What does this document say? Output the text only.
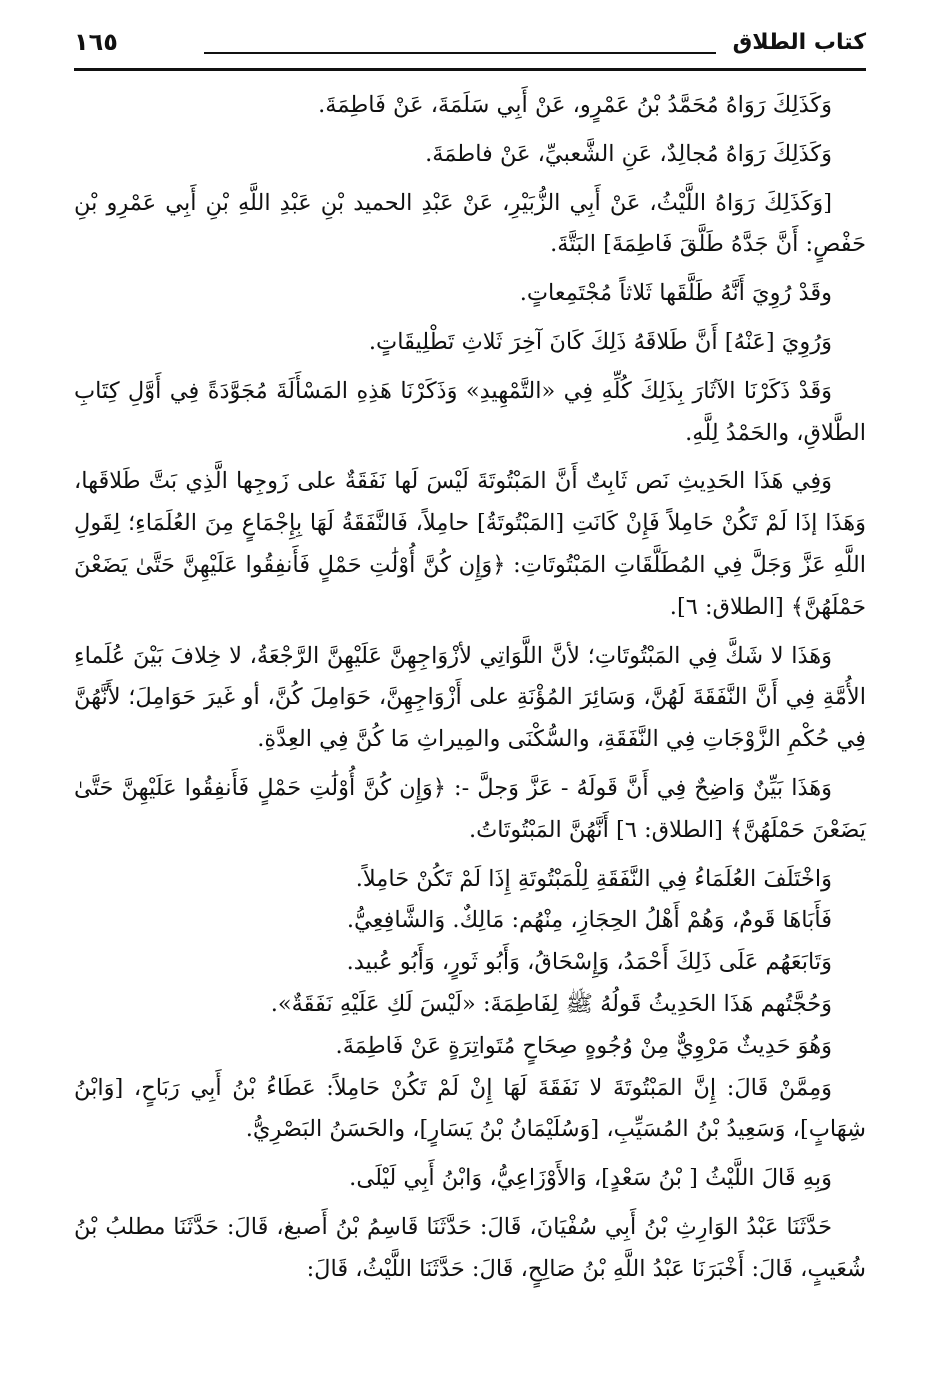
كتاب الطلاق
١٦٥

وَكَذَلِكَ رَوَاهُ مُحَمَّدُ بْنُ عَمْرٍو، عَنْ أَبِي سَلَمَةَ، عَنْ فَاطِمَةَ.

وَكَذَلِكَ رَوَاهُ مُجالِدٌ، عَنِ الشَّعبيِّ، عَنْ فاطمَةَ.

[وَكَذَلِكَ رَوَاهُ اللَّيْثُ، عَنْ أَبِي الزُّبَيْرِ، عَنْ عَبْدِ الحميد بْنِ عَبْدِ اللَّهِ بْنِ أَبِي عَمْرِو بْنِ حَفْصٍ: أَنَّ جَدَّهُ طَلَّقَ فَاطِمَةَ] البَتَّةَ.

وقَدْ رُوِيَ أَنَّهُ طَلَّقَها ثَلاثاً مُجْتَمِعاتٍ.

وَرُوِيَ [عَنْهُ] أَنَّ طَلاقَهُ ذَلِكَ كَانَ آخِرَ ثَلاثِ تَطْلِيقَاتٍ.

وَقَدْ ذَكَرْنَا الآثَارَ بِذَلِكَ كُلِّهِ فِي «التَّمْهِيدِ» وَذَكَرْنَا هَذِهِ المَسْأَلَةَ مُجَوَّدَةً فِي أَوَّلِ كِتَابِ الطَّلاقِ، والحَمْدُ لِلَّهِ.

وَفِي هَذَا الحَدِيثِ نَص ثَابِتٌ أَنَّ المَبْتُوتَةَ لَيْسَ لَها نَفَقَةٌ على زَوجِها الَّذِي بَتَّ طَلاقَها، وَهَذَا إذَا لَمْ تَكُنْ حَامِلاً فَإِنْ كَانَتِ [المَبْتُوتَةُ] حامِلاً، فَالنَّفَقَةُ لَهَا بِإِجْمَاعٍ مِنَ العُلَمَاءِ؛ لِقَولِ اللَّهِ عَزَّ وَجَلَّ فِي المُطَلَّقَاتِ المَبْتُوتَاتِ: ﴿وَإِن كُنَّ أُوْلَٰتِ حَمْلٍ فَأَنفِقُوا عَلَيْهِنَّ حَتَّىٰ يَضَعْنَ حَمْلَهُنَّ﴾ [الطلاق: ٦].

وَهَذَا لا شَكَّ فِي المَبْتُوتَاتِ؛ لأنَّ اللَّوَاتِي لأزْوَاجِهِنَّ عَلَيْهِنَّ الرَّجْعَةُ، لا خِلافَ بَيْنَ عُلَماءِ الأُمَّةِ فِي أَنَّ النَّفَقَةَ لَهُنَّ، وَسَائِرَ المُؤْنَةِ على أَزْوَاجِهِنَّ، حَوَامِلَ كُنَّ، أو غَيرَ حَوَامِلَ؛ لأَنَّهُنَّ فِي حُكْمِ الزَّوْجَاتِ فِي النَّفَقَةِ، والسُّكْنَى والمِيراثِ مَا كُنَّ فِي العِدَّةِ.

وَهَذَا بَيِّنٌ وَاضِحٌ فِي أَنَّ قَولَهُ - عَزَّ وَجلَّ -: ﴿وَإِن كُنَّ أُوْلَٰتِ حَمْلٍ فَأَنفِقُوا عَلَيْهِنَّ حَتَّىٰ يَضَعْنَ حَمْلَهُنَّ﴾ [الطلاق: ٦] أَنَّهُنَّ المَبْتُوتَاتُ.

وَاخْتَلَفَ العُلَمَاءُ فِي النَّفَقَةِ لِلْمَبْتُوتَةِ إِذَا لَمْ تَكُنْ حَامِلاً.

فَأَبَاهَا قَومٌ، وَهُمْ أَهْلُ الحِجَازِ، مِنْهُم: مَالِكٌ. وَالشَّافِعِيُّ.

وَتَابَعَهُم عَلَى ذَلِكَ أَحْمَدُ، وَإِسْحَاقُ، وَأَبُو ثَورٍ، وَأَبُو عُبيد.

وَحُجَّتُهم هَذَا الحَدِيثُ قَولُهُ ﷺ لِفَاطِمَةَ: «لَيْسَ لَكِ عَلَيْهِ نَفَقَةٌ».

وَهُوَ حَدِيثٌ مَرْوِيٌّ مِنْ وُجُوهٍ صِحَاحٍ مُتَواتِرَةٍ عَنْ فَاطِمَةَ.

وَمِمَّنْ قَالَ: إِنَّ المَبْتُوتَةَ لا نَفَقَةَ لَهَا إِنْ لَمْ تَكُنْ حَامِلاً: عَطَاءُ بْنُ أَبِي رَبَاحٍ، [وَابْنُ شِهَابٍ]، وَسَعِيدُ بْنُ المُسَيِّبِ، [وَسُلَيْمَانُ بْنُ يَسَارٍ]، والحَسَنُ البَصْرِيُّ.

وَبِهِ قَالَ اللَّيْثُ [ بْنُ سَعْدٍ]، وَالأَوْزَاعِيُّ، وَابْنُ أَبِي لَيْلَى.

حَدَّثَنَا عَبْدُ الوَارِثِ بْنُ أَبِي سُفْيَانَ، قَالَ: حَدَّثَنَا قَاسِمُ بْنُ أَصبغ، قَالَ: حَدَّثَنَا مطلبُ بْنُ شُعَيبٍ، قَالَ: أَخْبَرَنَا عَبْدُ اللَّهِ بْنُ صَالِحٍ، قَالَ: حَدَّثَنَا اللَّيْثُ، قَالَ:
